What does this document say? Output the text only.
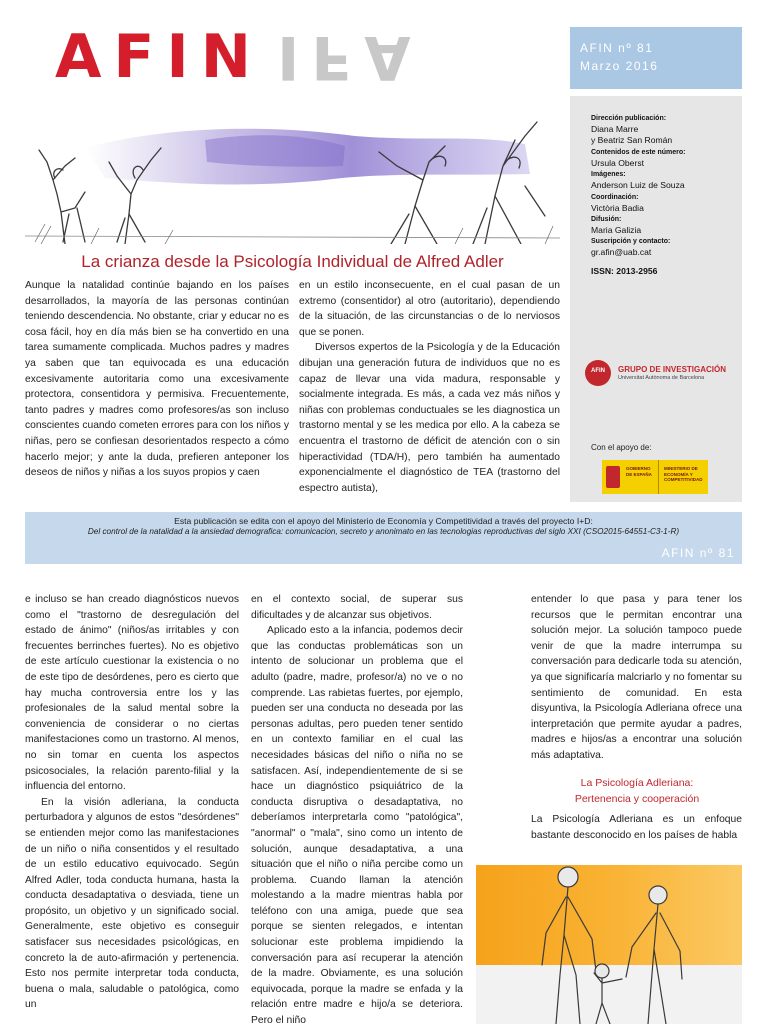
AFIN IFA	AFIN nº 81
Marzo 2016
Dirección publicación:
Diana Marre
y Beatriz San Román
Contenidos de este número:
Ursula Oberst
Imágenes:
Anderson Luiz de Souza
Coordinación:
Victòria Badia
Difusión:
Maria Galizia
Suscripción y contacto:
gr.afin@uab.cat
ISSN: 2013-2956
AFIN	GRUPO DE INVESTIGACIÓN
Universitat Autònoma de Barcelona
Con el apoyo de:
GOBIERNO DE ESPAÑA
MINISTERIO DE ECONOMÍA Y COMPETITIVIDAD
La crianza desde la Psicología Individual de Alfred Adler

Aunque la natalidad continúe bajando en los países desarrollados, la mayoría de las personas continúan teniendo descendencia. No obstante, criar y educar no es cosa fácil, hoy en día más bien se ha convertido en una tarea sumamente complicada. Muchos padres y madres ya saben que tan equivocada es una educación excesivamente autoritaria como una excesivamente protectora, consentidora y permisiva. Frecuentemente, tanto padres y madres como profesores/as son incluso conscientes cuando cometen errores para con los niños y niñas, pero se confiesan desorientados respecto a cómo hacerlo mejor; y ante la duda, prefieren anteponer los deseos de niños y niñas a los suyos propios y caen

en un estilo inconsecuente, en el cual pasan de un extremo (consentidor) al otro (autoritario), dependiendo de la situación, de las circunstancias o de lo nerviosos que se ponen.

Diversos expertos de la Psicología y de la Educación dibujan una generación futura de individuos que no es capaz de llevar una vida madura, responsable y socialmente integrada. Es más, a cada vez más niños y niñas con problemas conductuales se les diagnostica un trastorno mental y se les medica por ello. A la cabeza se encuentra el trastorno de déficit de atención con o sin hiperactividad (TDA/H), pero también ha aumentado exponencialmente el diagnóstico de TEA (trastorno del espectro autista),

Esta publicación se edita con el apoyo del Ministerio de Economía y Competitividad a través del proyecto I+D:
Del control de la natalidad a la ansiedad demografica: comunicacion, secreto y anonimato en las tecnologias reproductivas del siglo XXI (CSO2015-64551-C3-1-R)
AFIN nº 81

e incluso se han creado diagnósticos nuevos como el "trastorno de desregulación del estado de ánimo" (niños/as irritables y con frecuentes berrinches fuertes). No es objetivo de este artículo cuestionar la existencia o no de este tipo de desórdenes, pero es cierto que hay mucha controversia entre los y las profesionales de la salud mental sobre la conveniencia de considerar o no ciertas manifestaciones como un trastorno. Al menos, no sin tomar en cuenta los aspectos psicosociales, la relación parento-filial y la influencia del entorno.

En la visión adleriana, la conducta perturbadora y algunos de estos "desórdenes" se entienden mejor como las manifestaciones de un niño o niña consentidos y el resultado de un estilo educativo equivocado. Según Alfred Adler, toda conducta humana, hasta la conducta desadaptativa o desviada, tiene un propósito, un objetivo y un significado social. Generalmente, este objetivo es conseguir satisfacer sus necesidades psicológicas, en concreto la de auto-afirmación y pertenencia. Esto nos permite interpretar toda conducta, buena o mala, saludable o patológica, como un

en el contexto social, de superar sus dificultades y de alcanzar sus objetivos.

Aplicado esto a la infancia, podemos decir que las conductas problemáticas son un intento de solucionar un problema que el adulto (padre, madre, profesor/a) no ve o no comprende. Las rabietas fuertes, por ejemplo, pueden ser una conducta no deseada por las personas adultas, pero pueden tener sentido en un contexto familiar en el cual las necesidades básicas del niño o niña no se satisfacen. Así, independientemente de si se hace un diagnóstico psiquiátrico de la conducta disruptiva o desadaptativa, no deberíamos interpretarla como "patológica", "anormal" o "mala", sino como un intento de solución, aunque desadaptativa, a una situación que el niño o niña percibe como un problema. Cuando llaman la atención molestando a la madre mientras habla por teléfono con una amiga, puede que sea porque se sienten relegados, e intentan solucionar este problema impidiendo la conversación para así recuperar la atención de la madre. Obviamente, es una solución equivocada, porque la madre se enfada y la relación entre madre e hijo/a se deteriora. Pero el niño

entender lo que pasa y para tener los recursos que le permitan encontrar una solución mejor. La solución tampoco puede venir de que la madre interrumpa su conversación para dedicarle toda su atención, ya que significaría malcriarlo y no fomentar su sentimiento de comunidad. En esta disyuntiva, la Psicología Adleriana ofrece una interpretación que permite ayudar a padres, madres e hijos/as a encontrar una solución más adaptativa.

La Psicología Adleriana:
Pertenencia y cooperación

La Psicología Adleriana es un enfoque bastante desconocido en los países de habla
